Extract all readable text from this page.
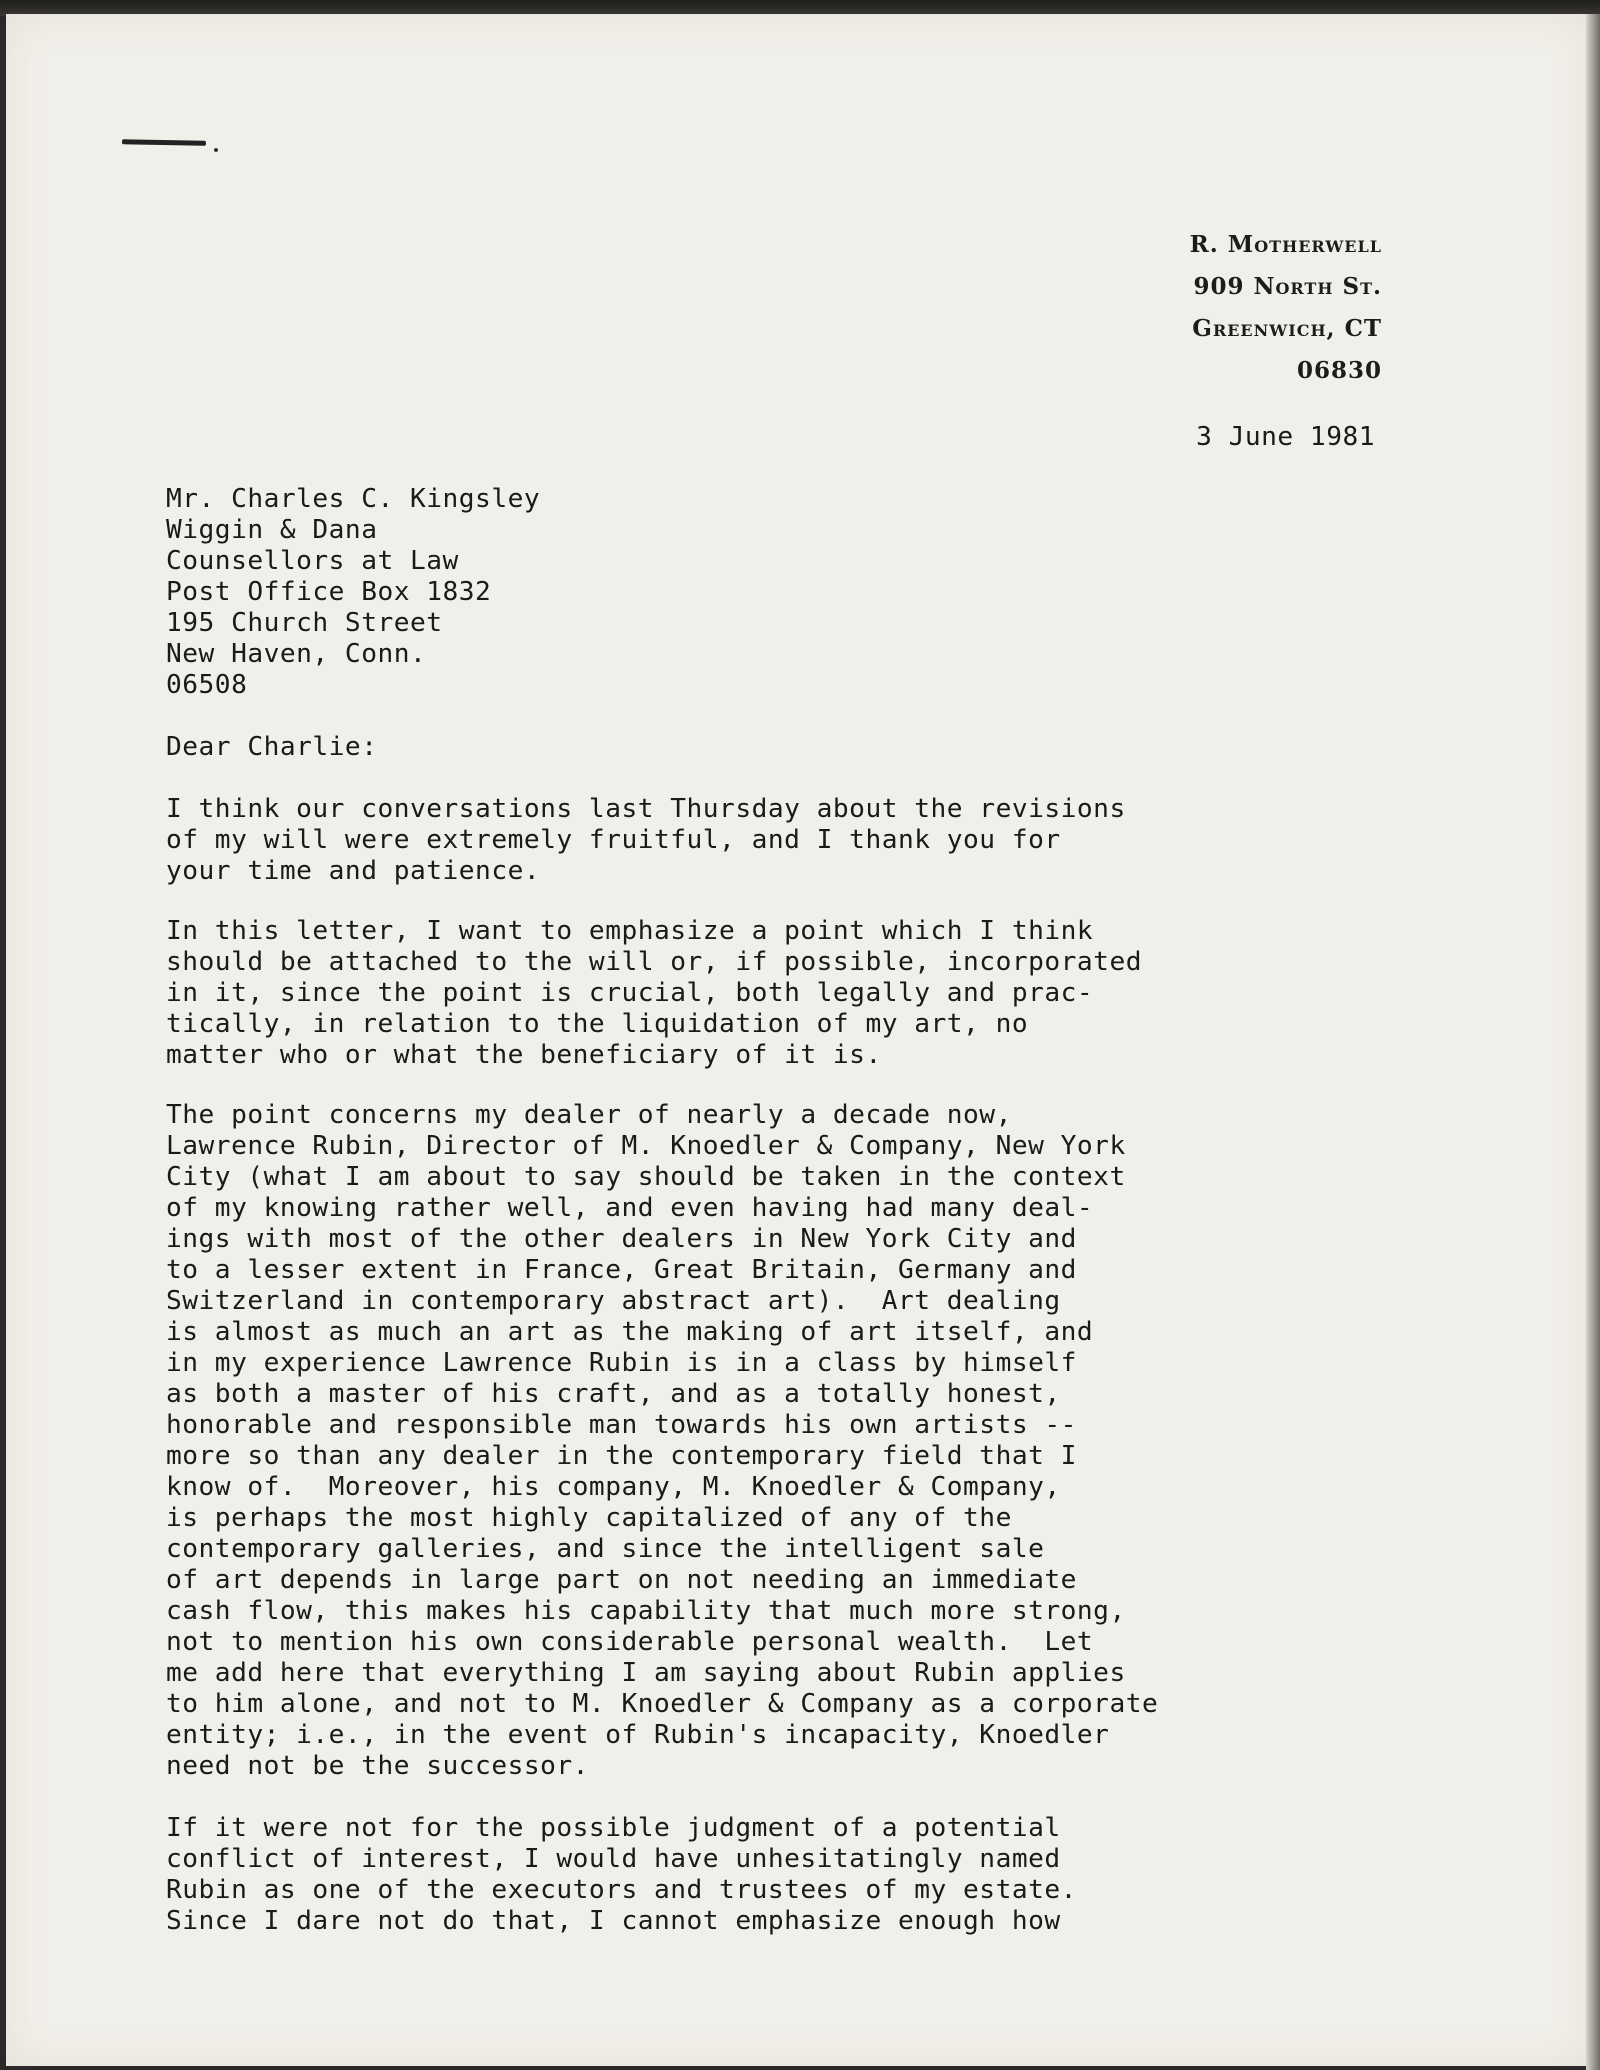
R. Motherwell
909 North St.
Greenwich, CT
06830
3 June 1981
Mr. Charles C. Kingsley
Wiggin & Dana
Counsellors at Law
Post Office Box 1832
195 Church Street
New Haven, Conn.
06508
Dear Charlie:
I think our conversations last Thursday about the revisions
of my will were extremely fruitful, and I thank you for
your time and patience.
In this letter, I want to emphasize a point which I think
should be attached to the will or, if possible, incorporated
in it, since the point is crucial, both legally and prac-
tically, in relation to the liquidation of my art, no
matter who or what the beneficiary of it is.
The point concerns my dealer of nearly a decade now,
Lawrence Rubin, Director of M. Knoedler & Company, New York
City (what I am about to say should be taken in the context
of my knowing rather well, and even having had many deal-
ings with most of the other dealers in New York City and
to a lesser extent in France, Great Britain, Germany and
Switzerland in contemporary abstract art).  Art dealing
is almost as much an art as the making of art itself, and
in my experience Lawrence Rubin is in a class by himself
as both a master of his craft, and as a totally honest,
honorable and responsible man towards his own artists --
more so than any dealer in the contemporary field that I
know of.  Moreover, his company, M. Knoedler & Company,
is perhaps the most highly capitalized of any of the
contemporary galleries, and since the intelligent sale
of art depends in large part on not needing an immediate
cash flow, this makes his capability that much more strong,
not to mention his own considerable personal wealth.  Let
me add here that everything I am saying about Rubin applies
to him alone, and not to M. Knoedler & Company as a corporate
entity; i.e., in the event of Rubin's incapacity, Knoedler
need not be the successor.
If it were not for the possible judgment of a potential
conflict of interest, I would have unhesitatingly named
Rubin as one of the executors and trustees of my estate.
Since I dare not do that, I cannot emphasize enough how
